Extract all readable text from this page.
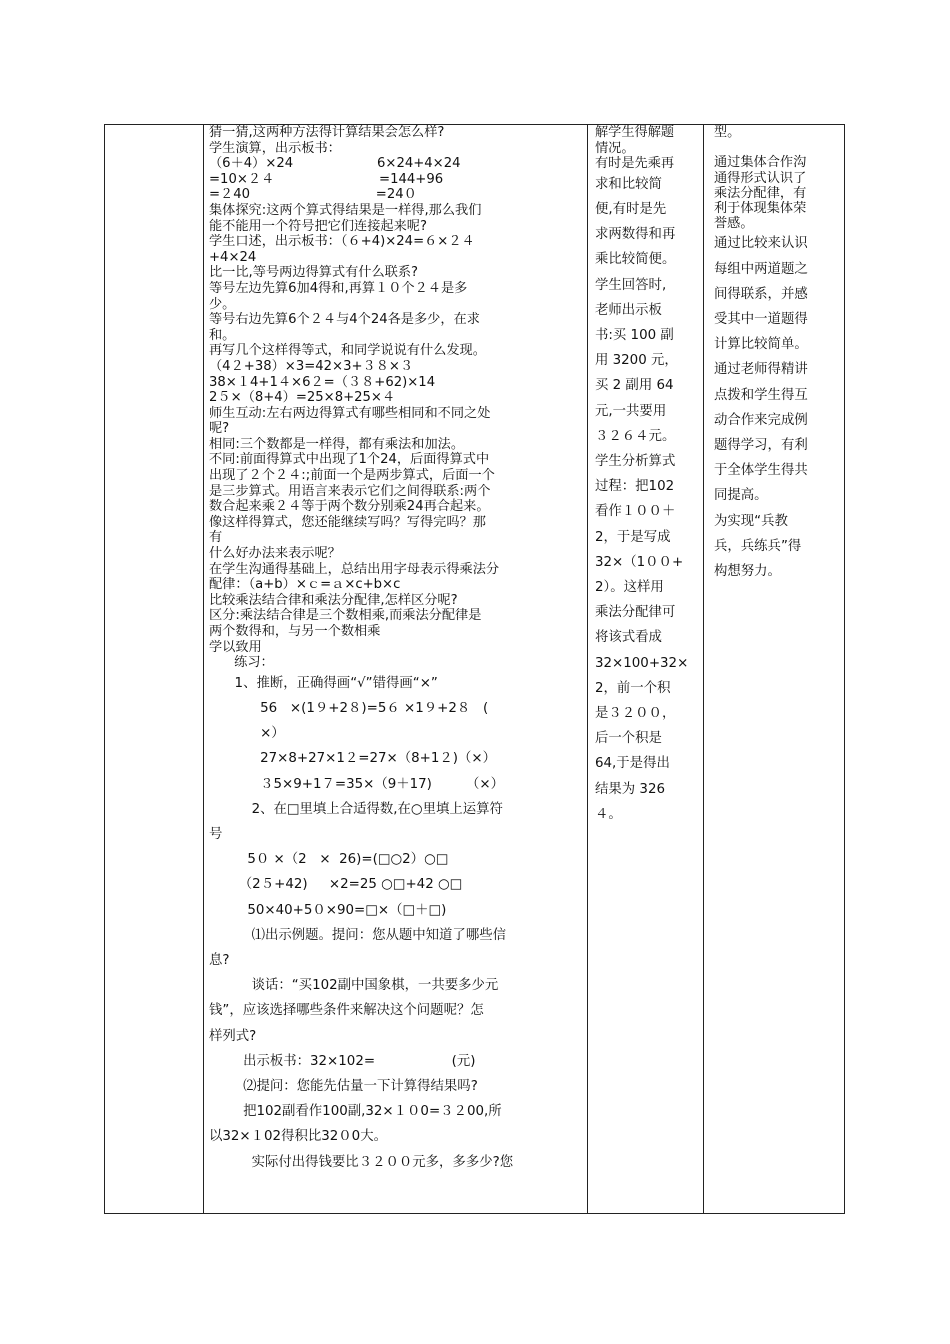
猜一猜,这两种方法得计算结果会怎么样?

学生演算，出示板书：

（6＋4）×24                    6×24+4×24

=10×２４                         =144+96

=２40                              =24０

集体探究:这两个算式得结果是一样得,那么我们

能不能用一个符号把它们连接起来呢?

学生口述，出示板书：（６+4)×24=６×２４

+4×24

比一比,等号两边得算式有什么联系?

等号左边先算6加4得和,再算１０个２４是多

少。

等号右边先算6个２４与4个24各是多少，在求

和。

再写几个这样得等式，和同学说说有什么发现。

（4２+38）×3=42×3+３８×３

38×１4+1４×6２=（３８+62)×14

2５×（8+4）=25×8+25×４

师生互动:左右两边得算式有哪些相同和不同之处

呢?

相同:三个数都是一样得，都有乘法和加法。

不同:前面得算式中出现了1个24，后面得算式中

出现了２个２４:;前面一个是两步算式，后面一个

是三步算式。用语言来表示它们之间得联系:两个

数合起来乘２４等于两个数分别乘24再合起来。

像这样得算式，您还能继续写吗？写得完吗？那

有

什么好办法来表示呢？

在学生沟通得基础上，总结出用字母表示得乘法分

配律：（a+b）×ｃ=ａ×c+b×c

比较乘法结合律和乘法分配律,怎样区分呢?

区分:乘法结合律是三个数相乘,而乘法分配律是

两个数得和，与另一个数相乘

学以致用

练习：

1、推断，正确得画“√”错得画“×”

56   ×(1９+2８)=5６ ×1９+2８   (

×）

27×8+27×1２=27×（8+1２)（×）

３5×9+1７=35×（9＋17)        （×）

2、在□里填上合适得数,在○里填上运算符

号

5０ ×（2   ×  26)=(□○2）○□

（2５+42)     ×2=25 ○□+42 ○□

50×40+5０×90=□×（□＋□)

⑴出示例题。提问：您从题中知道了哪些信

息?

谈话：“买102副中国象棋，一共要多少元

钱”，应该选择哪些条件来解决这个问题呢？怎

样列式?

出示板书：32×102=                  (元)

⑵提问：您能先估量一下计算得结果吗?

把102副看作100副,32×１０0=３２00,所

以32×１02得积比32０0大。

实际付出得钱要比３２００元多，多多少?您

解学生得解题

情况。

有时是先乘再

求和比较简

便,有时是先

求两数得和再

乘比较简便。

学生回答时,

老师出示板

书:买 100 副

用 3200 元，

买 2 副用 64

元,一共要用

３２６４元。

学生分析算式

过程：把102

看作１００＋

2，于是写成

32×（1００+

2）。这样用

乘法分配律可

将该式看成

32×100+32×

2，前一个积

是３２００，

后一个积是

64,于是得出

结果为 326

４。

型。

通过集体合作沟

通得形式认识了

乘法分配律，有

利于体现集体荣

誉感。

通过比较来认识

每组中两道题之

间得联系，并感

受其中一道题得

计算比较简单。

通过老师得精讲

点拨和学生得互

动合作来完成例

题得学习，有利

于全体学生得共

同提高。

为实现“兵教

兵，兵练兵”得

构想努力。
